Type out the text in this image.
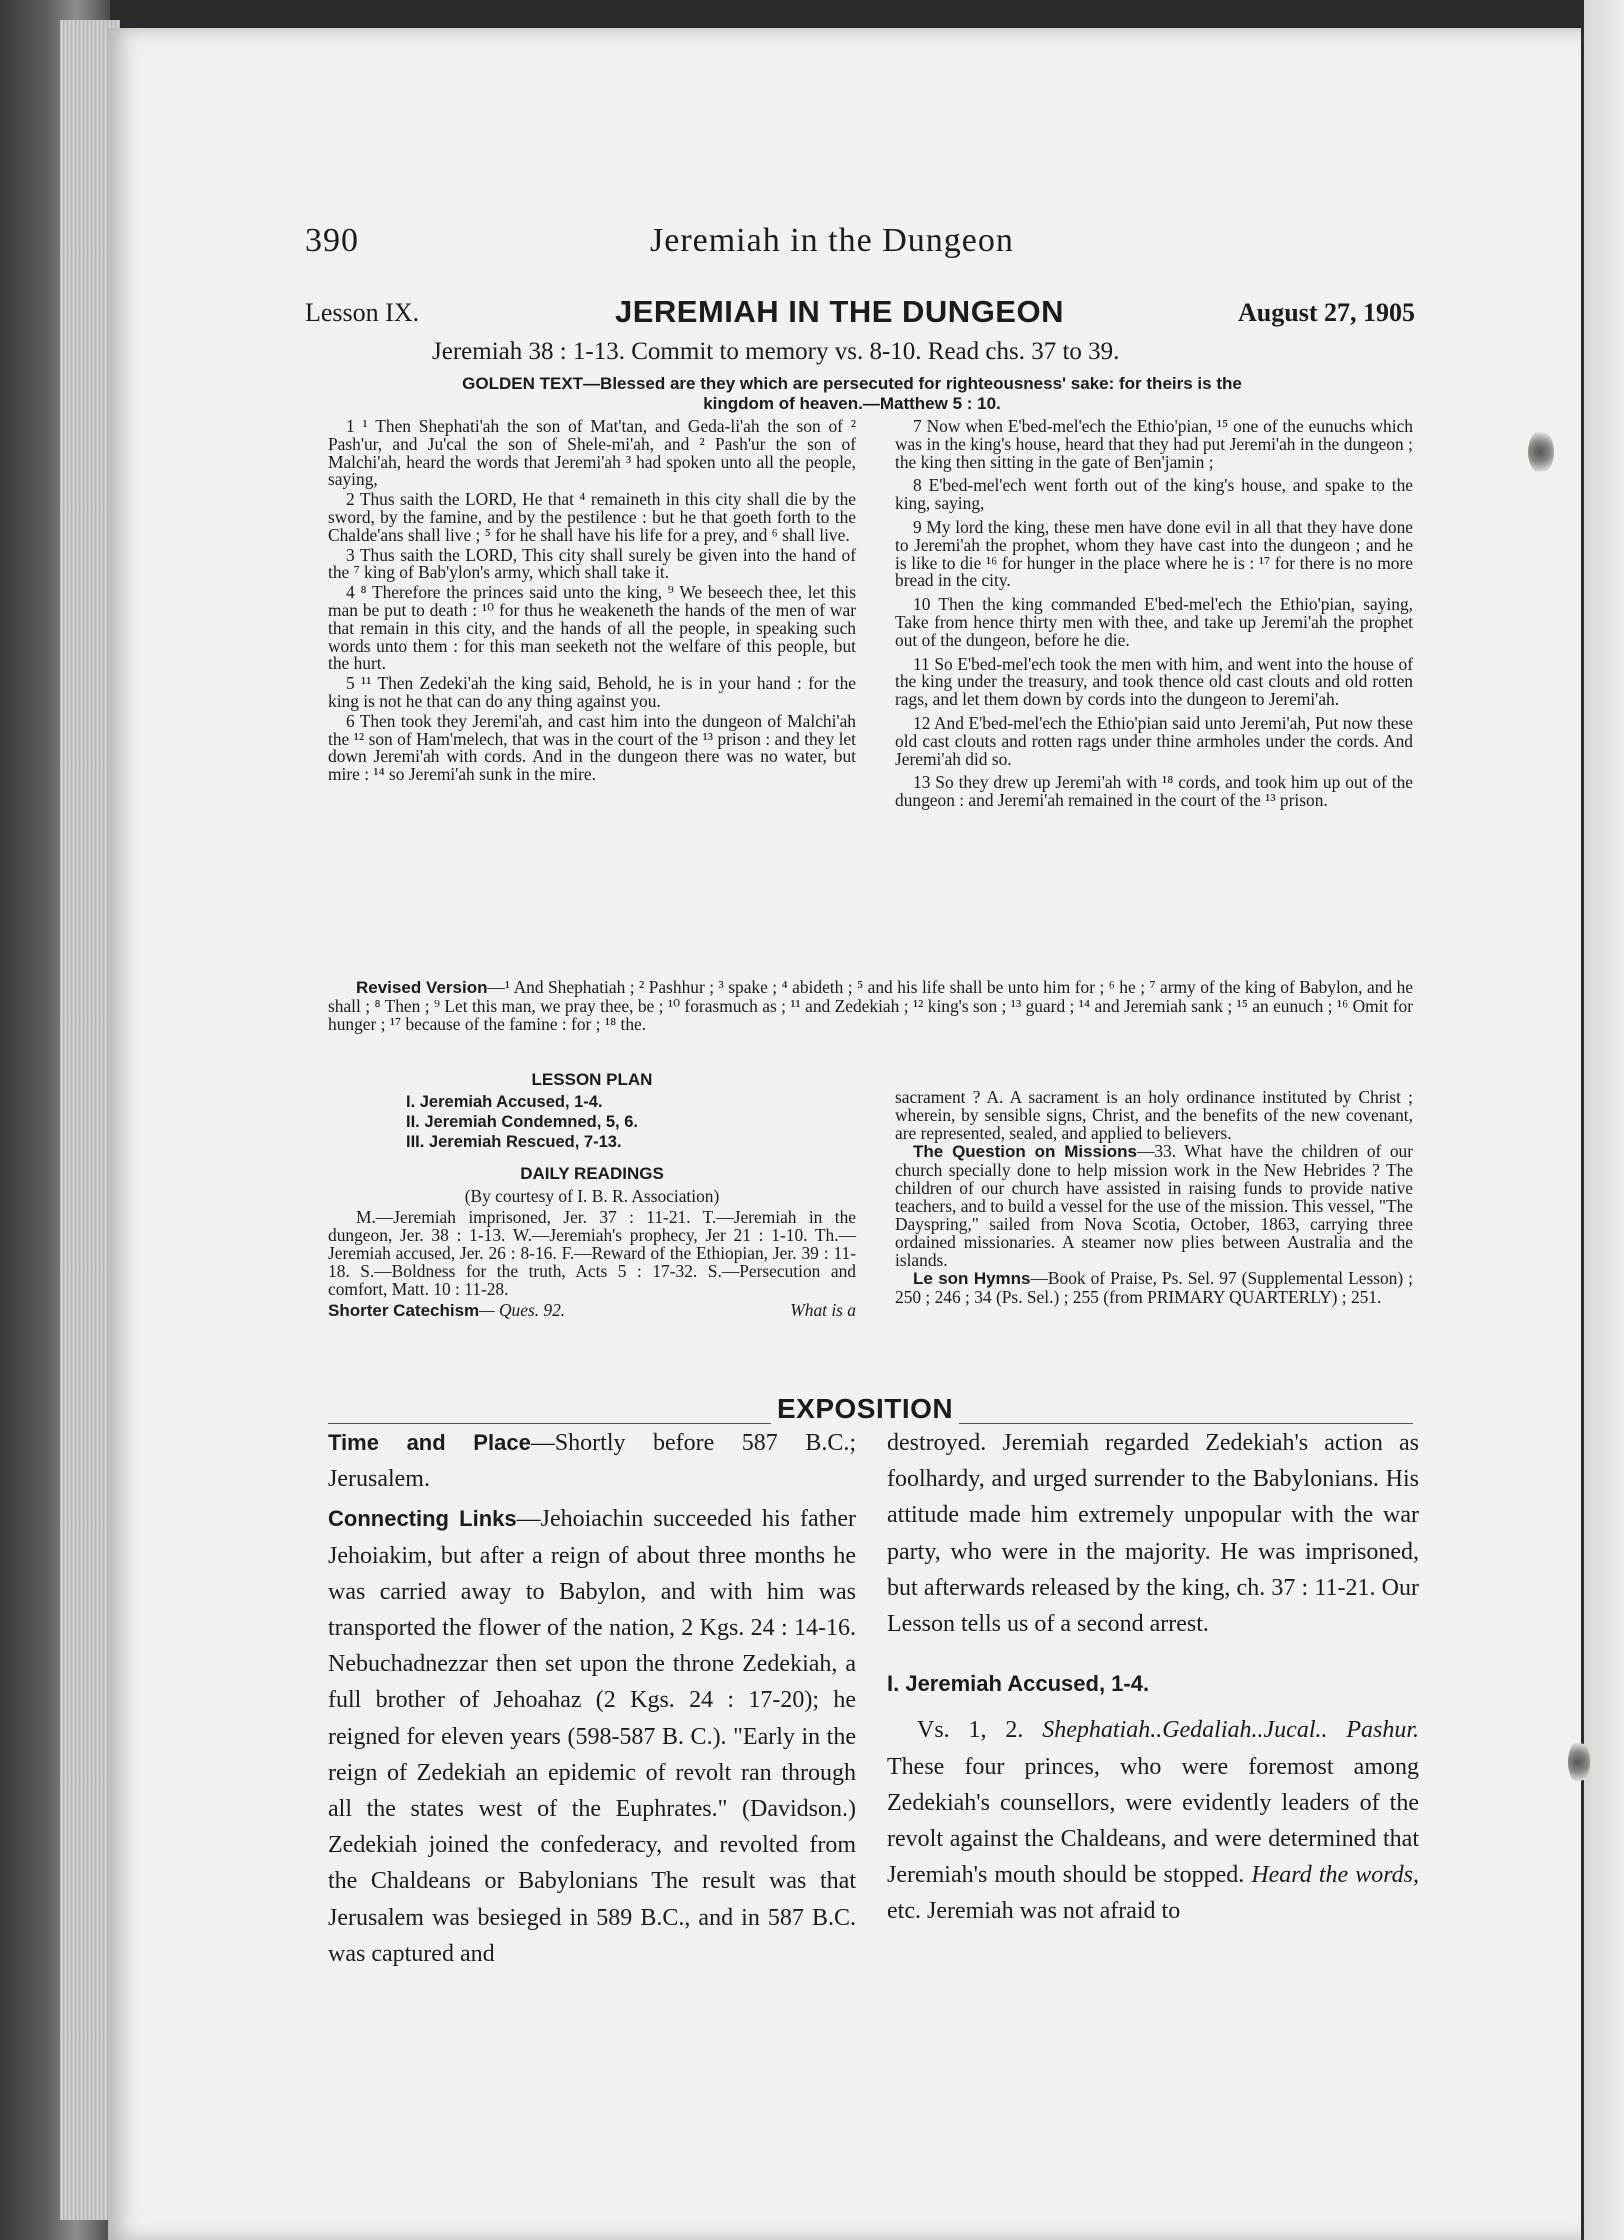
390	Jeremiah in the Dungeon
Lesson IX.	JEREMIAH IN THE DUNGEON	August 27, 1905
Jeremiah 38 : 1-13. Commit to memory vs. 8-10. Read chs. 37 to 39.
GOLDEN TEXT—Blessed are they which are persecuted for righteousness' sake: for theirs is the
kingdom of heaven.—Matthew 5 : 10.

1 ¹ Then Shephati'ah the son of Mat'tan, and Geda-li'ah the son of ² Pash'ur, and Ju'cal the son of Shele-mi'ah, and ² Pash'ur the son of Malchi'ah, heard the words that Jeremi'ah ³ had spoken unto all the people, saying,

2 Thus saith the LORD, He that ⁴ remaineth in this city shall die by the sword, by the famine, and by the pestilence : but he that goeth forth to the Chalde'ans shall live ; ⁵ for he shall have his life for a prey, and ⁶ shall live.

3 Thus saith the LORD, This city shall surely be given into the hand of the ⁷ king of Bab'ylon's army, which shall take it.

4 ⁸ Therefore the princes said unto the king, ⁹ We beseech thee, let this man be put to death : ¹⁰ for thus he weakeneth the hands of the men of war that remain in this city, and the hands of all the people, in speaking such words unto them : for this man seeketh not the welfare of this people, but the hurt.

5 ¹¹ Then Zedeki'ah the king said, Behold, he is in your hand : for the king is not he that can do any thing against you.

6 Then took they Jeremi'ah, and cast him into the dungeon of Malchi'ah the ¹² son of Ham'melech, that was in the court of the ¹³ prison : and they let down Jeremi'ah with cords. And in the dungeon there was no water, but mire : ¹⁴ so Jeremi'ah sunk in the mire.

7 Now when E'bed-mel'ech the Ethio'pian, ¹⁵ one of the eunuchs which was in the king's house, heard that they had put Jeremi'ah in the dungeon ; the king then sitting in the gate of Ben'jamin ;

8 E'bed-mel'ech went forth out of the king's house, and spake to the king, saying,

9 My lord the king, these men have done evil in all that they have done to Jeremi'ah the prophet, whom they have cast into the dungeon ; and he is like to die ¹⁶ for hunger in the place where he is : ¹⁷ for there is no more bread in the city.

10 Then the king commanded E'bed-mel'ech the Ethio'pian, saying, Take from hence thirty men with thee, and take up Jeremi'ah the prophet out of the dungeon, before he die.

11 So E'bed-mel'ech took the men with him, and went into the house of the king under the treasury, and took thence old cast clouts and old rotten rags, and let them down by cords into the dungeon to Jeremi'ah.

12 And E'bed-mel'ech the Ethio'pian said unto Jeremi'ah, Put now these old cast clouts and rotten rags under thine armholes under the cords. And Jeremi'ah did so.

13 So they drew up Jeremi'ah with ¹⁸ cords, and took him up out of the dungeon : and Jeremi'ah remained in the court of the ¹³ prison.

Revised Version—¹ And Shephatiah ; ² Pashhur ; ³ spake ; ⁴ abideth ; ⁵ and his life shall be unto him for ; ⁶ he ; ⁷ army of the king of Babylon, and he shall ; ⁸ Then ; ⁹ Let this man, we pray thee, be ; ¹⁰ forasmuch as ; ¹¹ and Zedekiah ; ¹² king's son ; ¹³ guard ; ¹⁴ and Jeremiah sank ; ¹⁵ an eunuch ; ¹⁶ Omit for hunger ; ¹⁷ because of the famine : for ; ¹⁸ the.
LESSON PLAN
I. Jeremiah Accused, 1-4.
II. Jeremiah Condemned, 5, 6.
III. Jeremiah Rescued, 7-13.
DAILY READINGS
(By courtesy of I. B. R. Association)
M.—Jeremiah imprisoned, Jer. 37 : 11-21. T.—Jeremiah in the dungeon, Jer. 38 : 1-13. W.—Jeremiah's prophecy, Jer 21 : 1-10. Th.—Jeremiah accused, Jer. 26 : 8-16. F.—Reward of the Ethiopian, Jer. 39 : 11-18. S.—Boldness for the truth, Acts 5 : 17-32. S.—Persecution and comfort, Matt. 10 : 11-28.
Shorter Catechism— Ques. 92.	What is a

sacrament ? A. A sacrament is an holy ordinance instituted by Christ ; wherein, by sensible signs, Christ, and the benefits of the new covenant, are represented, sealed, and applied to believers.

The Question on Missions—33. What have the children of our church specially done to help mission work in the New Hebrides ? The children of our church have assisted in raising funds to provide native teachers, and to build a vessel for the use of the mission. This vessel, "The Dayspring," sailed from Nova Scotia, October, 1863, carrying three ordained missionaries. A steamer now plies between Australia and the islands.

Le son Hymns—Book of Praise, Ps. Sel. 97 (Supplemental Lesson) ; 250 ; 246 ; 34 (Ps. Sel.) ; 255 (from PRIMARY QUARTERLY) ; 251.

EXPOSITION

Time and Place—Shortly before 587 B.C.; Jerusalem.

Connecting Links—Jehoiachin succeeded his father Jehoiakim, but after a reign of about three months he was carried away to Babylon, and with him was transported the flower of the nation, 2 Kgs. 24 : 14-16. Nebuchadnezzar then set upon the throne Zedekiah, a full brother of Jehoahaz (2 Kgs. 24 : 17-20); he reigned for eleven years (598-587 B. C.). "Early in the reign of Zedekiah an epidemic of revolt ran through all the states west of the Euphrates." (Davidson.) Zedekiah joined the confederacy, and revolted from the Chaldeans or Babylonians The result was that Jerusalem was besieged in 589 B.C., and in 587 B.C. was captured and

destroyed. Jeremiah regarded Zedekiah's action as foolhardy, and urged surrender to the Babylonians. His attitude made him extremely unpopular with the war party, who were in the majority. He was imprisoned, but afterwards released by the king, ch. 37 : 11-21. Our Lesson tells us of a second arrest.

I. Jeremiah Accused, 1-4.

Vs. 1, 2. Shephatiah..Gedaliah..Jucal.. Pashur. These four princes, who were foremost among Zedekiah's counsellors, were evidently leaders of the revolt against the Chaldeans, and were determined that Jeremiah's mouth should be stopped. Heard the words, etc. Jeremiah was not afraid to
